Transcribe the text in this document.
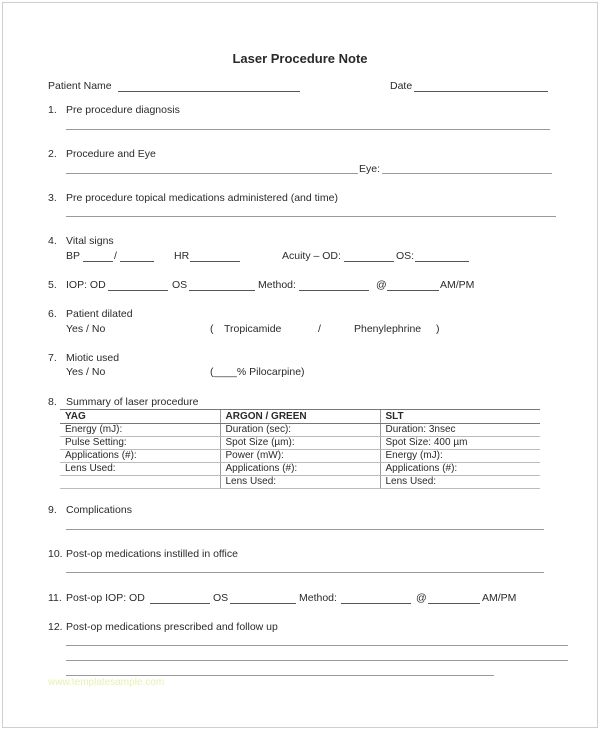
Laser Procedure Note
Patient Name	Date
1. Pre procedure diagnosis
2. Procedure and Eye
Eye:
3. Pre procedure topical medications administered (and time)
4. Vital signs
BP	/	HR	Acuity – OD:	OS:
5. IOP: OD	OS	Method:	@	AM/PM
6. Patient dilated
Yes / No	( Tropicamide	/	Phenylephrine )
7. Miotic used
Yes / No	(____% Pilocarpine)
8. Summary of laser procedure
YAG	ARGON / GREEN	SLT
Energy (mJ):	Duration (sec):	Duration: 3nsec
Pulse Setting:	Spot Size (µm):	Spot Size: 400 µm
Applications (#):	Power (mW):	Energy (mJ):
Lens Used:	Applications (#):	Applications (#):
	Lens Used:	Lens Used:
9. Complications
10. Post-op medications instilled in office
11. Post-op IOP: OD	OS	Method:	@	AM/PM
12. Post-op medications prescribed and follow up
www.templatesample.com
